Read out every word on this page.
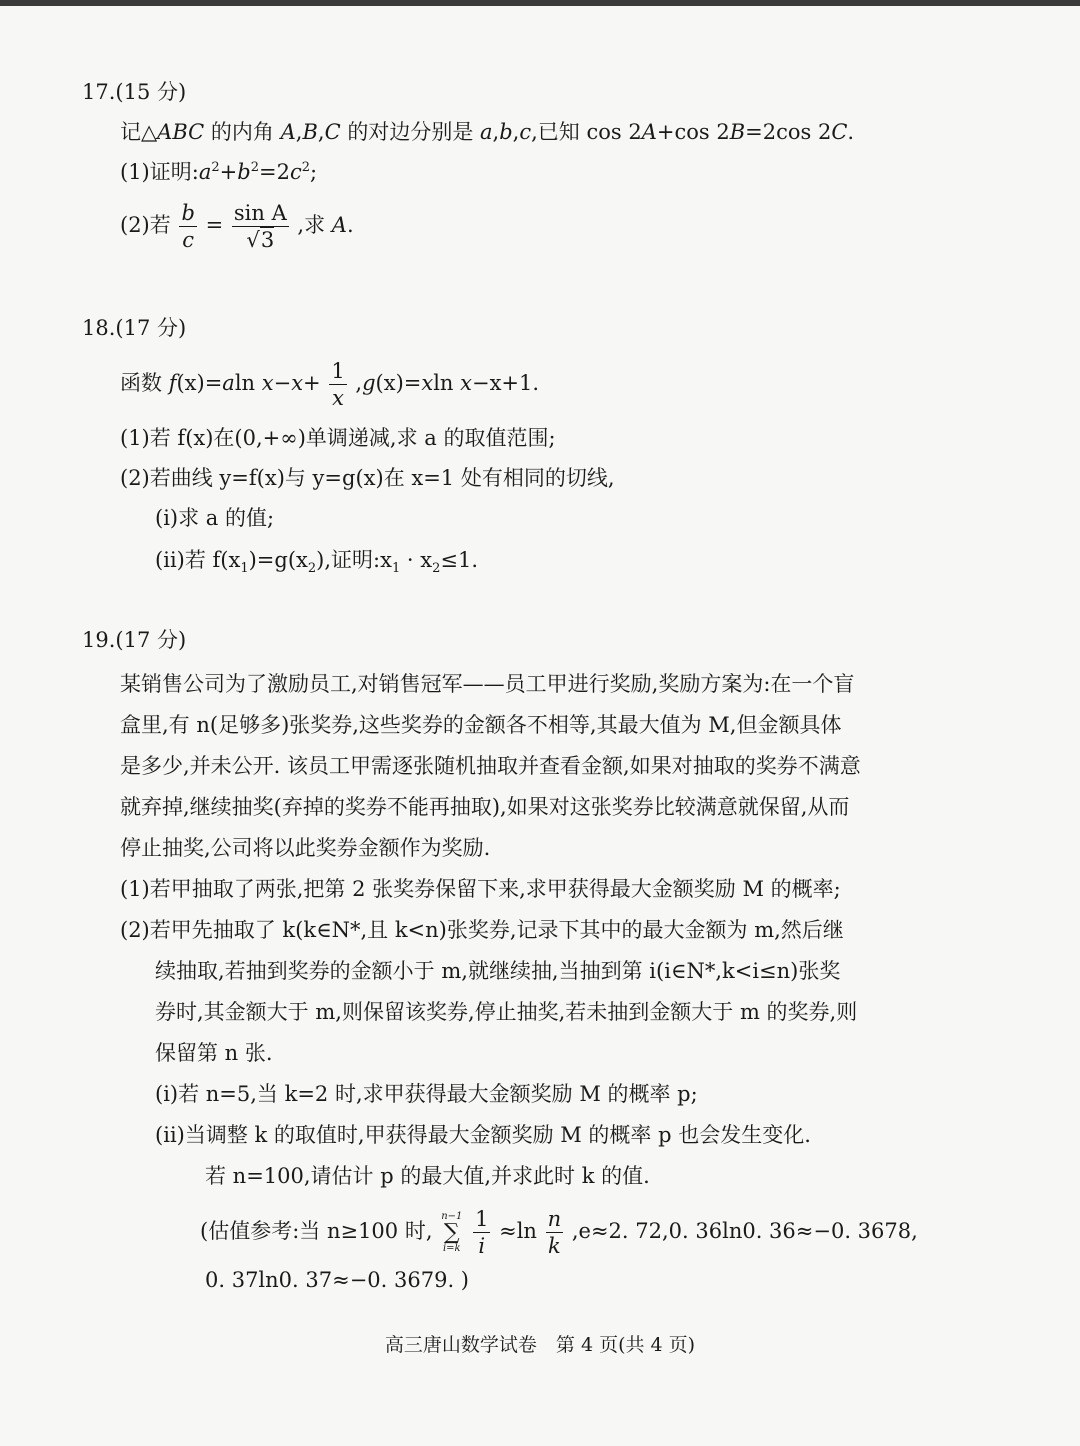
17.(15 分)
记△ABC 的内角 A,B,C 的对边分别是 a,b,c,已知 cos 2A+cos 2B=2cos 2C.
(1)证明$:a^2+b^2=2c^2$;
(2)若 $\frac{b}{c} = \frac{\text{sin A}}{√3}$ ,求 A.
18.(17 分)
函数 f(x)=aln $x-x+ \frac{1}{x} ,g(x)=xln$ x−x+1.
(1)若 f(x)在(0,+∞)单调递减,求 a 的取值范围;
(2)若曲线 y=f(x)与 y=g(x)在 x=1 处有相同的切线,
(ⅰ)求 a 的值;
(ⅱ)若 $f(x_1)=g(x_2)$,证明$:x_1 \cdot x_2\le 1$.
19.(17 分)
某销售公司为了激励员工,对销售冠军——员工甲进行奖励,奖励方案为:在一个盲
盒里,有 n(足够多)张奖券,这些奖券的金额各不相等,其最大值为 M,但金额具体
是多少,并未公开. 该员工甲需逐张随机抽取并查看金额,如果对抽取的奖券不满意
就弃掉,继续抽奖(弃掉的奖券不能再抽取),如果对这张奖券比较满意就保留,从而
停止抽奖,公司将以此奖券金额作为奖励.
(1)若甲抽取了两张,把第 2 张奖券保留下来,求甲获得最大金额奖励 M 的概率;
(2)若甲先抽取了 k(k∈N*,且 k<n)张奖券,记录下其中的最大金额为 m,然后继
续抽取,若抽到奖券的金额小于 m,就继续抽,当抽到第 i(i∈N*,k<i≤n)张奖
券时,其金额大于 m,则保留该奖券,停止抽奖,若未抽到金额大于 m 的奖券,则
保留第 n 张.
(ⅰ)若 n=5,当 k=2 时,求甲获得最大金额奖励 M 的概率 p;
(ⅱ)当调整 k 的取值时,甲获得最大金额奖励 M 的概率 p 也会发生变化.
若 n=100,请估计 p 的最大值,并求此时 k 的值.
(估值参考:当 n≥100 时,
n−1
∑
i=k
$\frac{1}{i} \approx\ln \frac{n}{k} ,e\approx 2$. 72,0. 36ln0. 36≈−0. 3678,
0. 37ln0. 37≈−0. 3679. )
高三唐山数学试卷　第 4 页(共 4 页)
